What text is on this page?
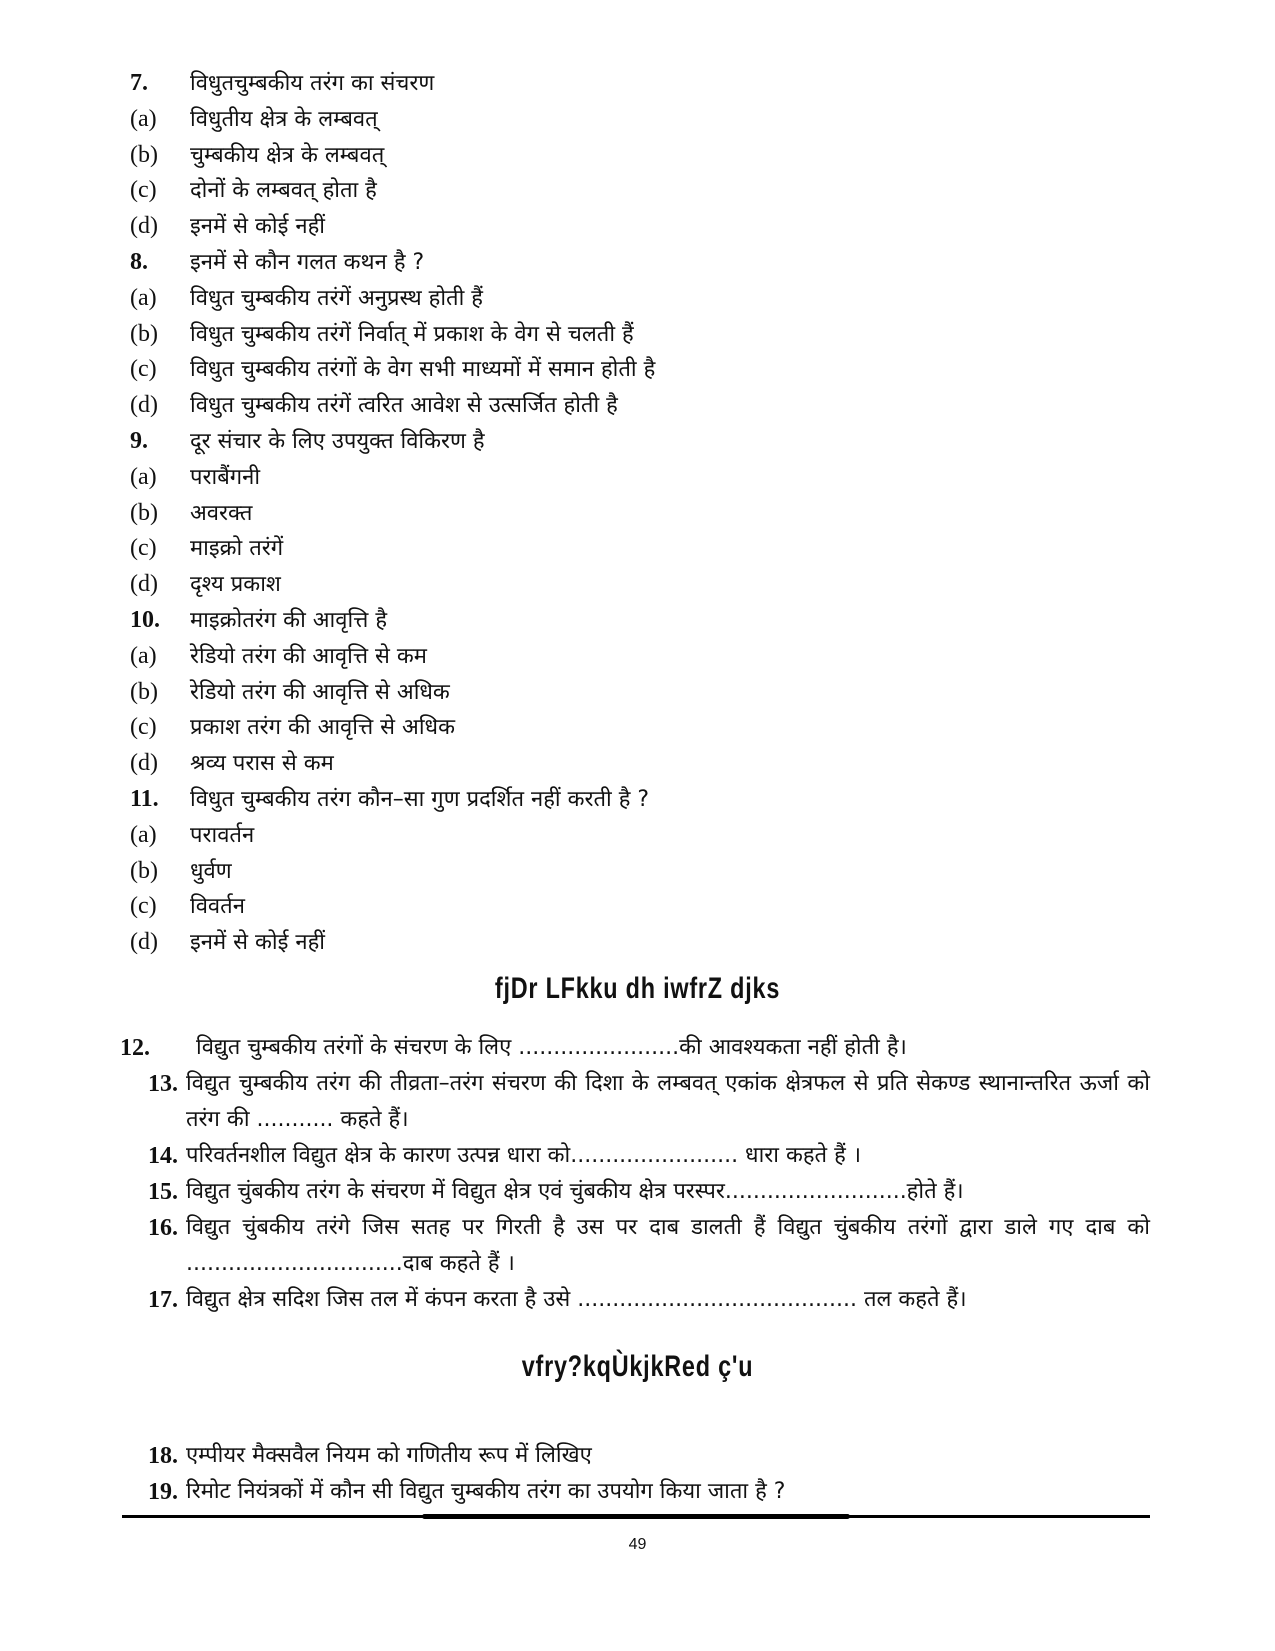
7.	विधुतचुम्बकीय तरंग का संचरण
(a)	विधुतीय क्षेत्र के लम्बवत्
(b)	चुम्बकीय क्षेत्र के लम्बवत्
(c)	दोनों के लम्बवत् होता है
(d)	इनमें से कोई नहीं
8.	इनमें से कौन गलत कथन है ?
(a)	विधुत चुम्बकीय तरंगें अनुप्रस्थ होती हैं
(b)	विधुत चुम्बकीय तरंगें निर्वात् में प्रकाश के वेग से चलती हैं
(c)	विधुत चुम्बकीय तरंगों के वेग सभी माध्यमों में समान होती है
(d)	विधुत चुम्बकीय तरंगें त्वरित आवेश से उत्सर्जित होती है
9.	दूर संचार के लिए उपयुक्त विकिरण है
(a)	पराबैंगनी
(b)	अवरक्त
(c)	माइक्रो तरंगें
(d)	दृश्य प्रकाश
10.	माइक्रोतरंग की आवृत्ति है
(a)	रेडियो तरंग की आवृत्ति से कम
(b)	रेडियो तरंग की आवृत्ति से अधिक
(c)	प्रकाश तरंग की आवृत्ति से अधिक
(d)	श्रव्य परास से कम
11.	विधुत चुम्बकीय तरंग कौन–सा गुण प्रदर्शित नहीं करती है ?
(a)	परावर्तन
(b)	धुर्वण
(c)	विवर्तन
(d)	इनमें से कोई नहीं
fjDr LFkku dh iwfrZ djks
12.	विद्युत चुम्बकीय तरंगों के संचरण के लिए .......................की आवश्यकता नहीं होती है।
13. विद्युत चुम्बकीय तरंग की तीव्रता–तरंग संचरण की दिशा के लम्बवत् एकांक क्षेत्रफल से प्रति सेकण्ड स्थानान्तरित ऊर्जा को तरंग की ........... कहते हैं।
14. परिवर्तनशील विद्युत क्षेत्र के कारण उत्पन्न धारा को........................ धारा कहते हैं ।
15. विद्युत चुंबकीय तरंग के संचरण में विद्युत क्षेत्र एवं चुंबकीय क्षेत्र परस्पर..........................होते हैं।
16. विद्युत चुंबकीय तरंगे जिस सतह पर गिरती है उस पर दाब डालती हैं विद्युत चुंबकीय तरंगों द्वारा डाले गए दाब को ...............................दाब कहते हैं ।
17. विद्युत क्षेत्र सदिश जिस तल में कंपन करता है उसे ........................................ तल कहते हैं।
vfry?kqÙkjkRed ç'u
18. एम्पीयर मैक्सवैल नियम को गणितीय रूप में लिखिए
19. रिमोट नियंत्रकों में कौन सी विद्युत चुम्बकीय तरंग का उपयोग किया जाता है ?
49
